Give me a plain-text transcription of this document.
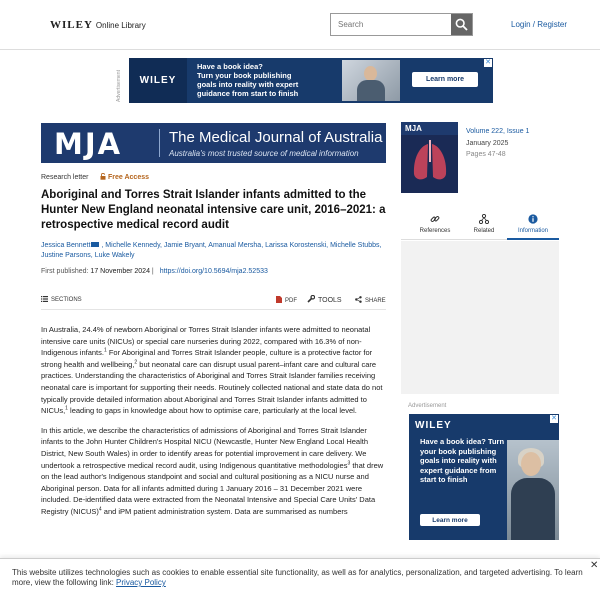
WILEY Online Library
Search	Login / Register
Advertisement	WILEY
Have a book idea?
Turn your book publishing
goals into reality with expert
guidance from start to finish
Learn more
✕
MJA	The Medical Journal of Australia
Australia's most trusted source of medical information
Research letter	Free Access
Aboriginal and Torres Strait Islander infants admitted to the Hunter New England neonatal intensive care unit, 2016–2021: a retrospective medical record audit
Jessica Bennett , Michelle Kennedy, Jamie Bryant, Amanual Mersha, Larissa Korostenski, Michelle Stubbs, Justine Parsons, Luke Wakely
First published: 17 November 2024 | https://doi.org/10.5694/mja2.52533
SECTIONS	PDF	TOOLS	SHARE

In Australia, 24.4% of newborn Aboriginal or Torres Strait Islander infants were admitted to neonatal intensive care units (NICUs) or special care nurseries during 2022, compared with 16.3% of non-Indigenous infants.$^1$ For Aboriginal and Torres Strait Islander people, culture is a protective factor for strong health and wellbeing,$^2$ but neonatal care can disrupt usual parent–infant care and cultural care practices. Understanding the characteristics of Aboriginal and Torres Strait Islander families receiving neonatal care is important for supporting their needs. Routinely collected national and state data do not typically provide detailed information about Aboriginal and Torres Strait Islander infants admitted to NICUs,$^1$ leading to gaps in knowledge about how to optimise care, particularly at the local level.

In this article, we describe the characteristics of admissions of Aboriginal and Torres Strait Islander infants to the John Hunter Children's Hospital NICU (Newcastle, Hunter New England Local Health District, New South Wales) in order to identify areas for potential improvement in care delivery. We undertook a retrospective medical record audit, using Indigenous quantitative methodologies$^3$ that drew on the lead author's Indigenous standpoint and social and cultural positioning as a NICU nurse and Aboriginal person. Data for all infants admitted during 1 January 2016 – 31 December 2021 were included. De-identified data were extracted from the Neonatal Intensive and Special Care Units' Data Registry (NICUS)$^4$ and iPM patient administration system. Data are summarised as numbers

MJA	Volume 222, Issue 1
January 2025
Pages 47-48
References	Related	Information
Advertisement
WILEY
Have a book idea? Turn your book publishing goals into reality with expert guidance from start to finish
Learn more
✕
This website utilizes technologies such as cookies to enable essential site functionality, as well as for analytics, personalization, and targeted advertising. To learn more, view the following link: Privacy Policy
✕
